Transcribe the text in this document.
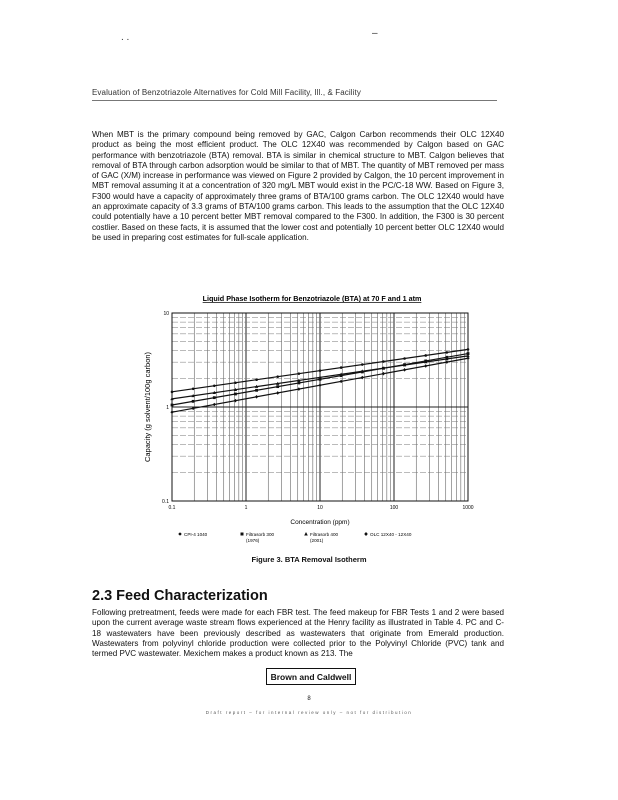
. .	–
Evaluation of Benzotriazole Alternatives for Cold Mill Facility, Ill., & Facility
When MBT is the primary compound being removed by GAC, Calgon Carbon recommends their OLC 12X40 product as being the most efficient product. The OLC 12X40 was recommended by Calgon based on GAC performance with benzotriazole (BTA) removal. BTA is similar in chemical structure to MBT. Calgon believes that removal of BTA through carbon adsorption would be similar to that of MBT. The quantity of MBT removed per mass of GAC (X/M) increase in performance was viewed on Figure 2 provided by Calgon, the 10 percent improvement in MBT removal assuming it at a concentration of 320 mg/L MBT would exist in the PC/C-18 WW. Based on Figure 3, F300 would have a capacity of approximately three grams of BTA/100 grams carbon. The OLC 12X40 would have an approximate capacity of 3.3 grams of BTA/100 grams carbon. This leads to the assumption that the OLC 12X40 could potentially have a 10 percent better MBT removal compared to the F300. In addition, the F300 is 30 percent costlier. Based on these facts, it is assumed that the lower cost and potentially 10 percent better OLC 12X40 would be used in preparing cost estimates for full-scale application.
Liquid Phase Isotherm for Benzotriazole (BTA) at 70 F and 1 atm
0.1	1	10	100	1000
10
1
0.1
Capacity (g solvent/100g carbon)
Concentration (ppm)
CPI-4 1040	Filtrasorb 300
(1976)
Filtrasorb 400
(2001)
OLC 12X40 - 12X40
Figure 3. BTA Removal Isotherm
2.3 Feed Characterization
Following pretreatment, feeds were made for each FBR test. The feed makeup for FBR Tests 1 and 2 were based upon the current average waste stream flows experienced at the Henry facility as illustrated in Table 4. PC and C-18 wastewaters have been previously described as wastewaters that originate from Emerald production. Wastewaters from polyvinyl chloride production were collected prior to the Polyvinyl Chloride (PVC) tank and termed PVC wastewater. Mexichem makes a product known as 213. The
Brown and Caldwell
8
Draft report – for internal review only – not for distribution
